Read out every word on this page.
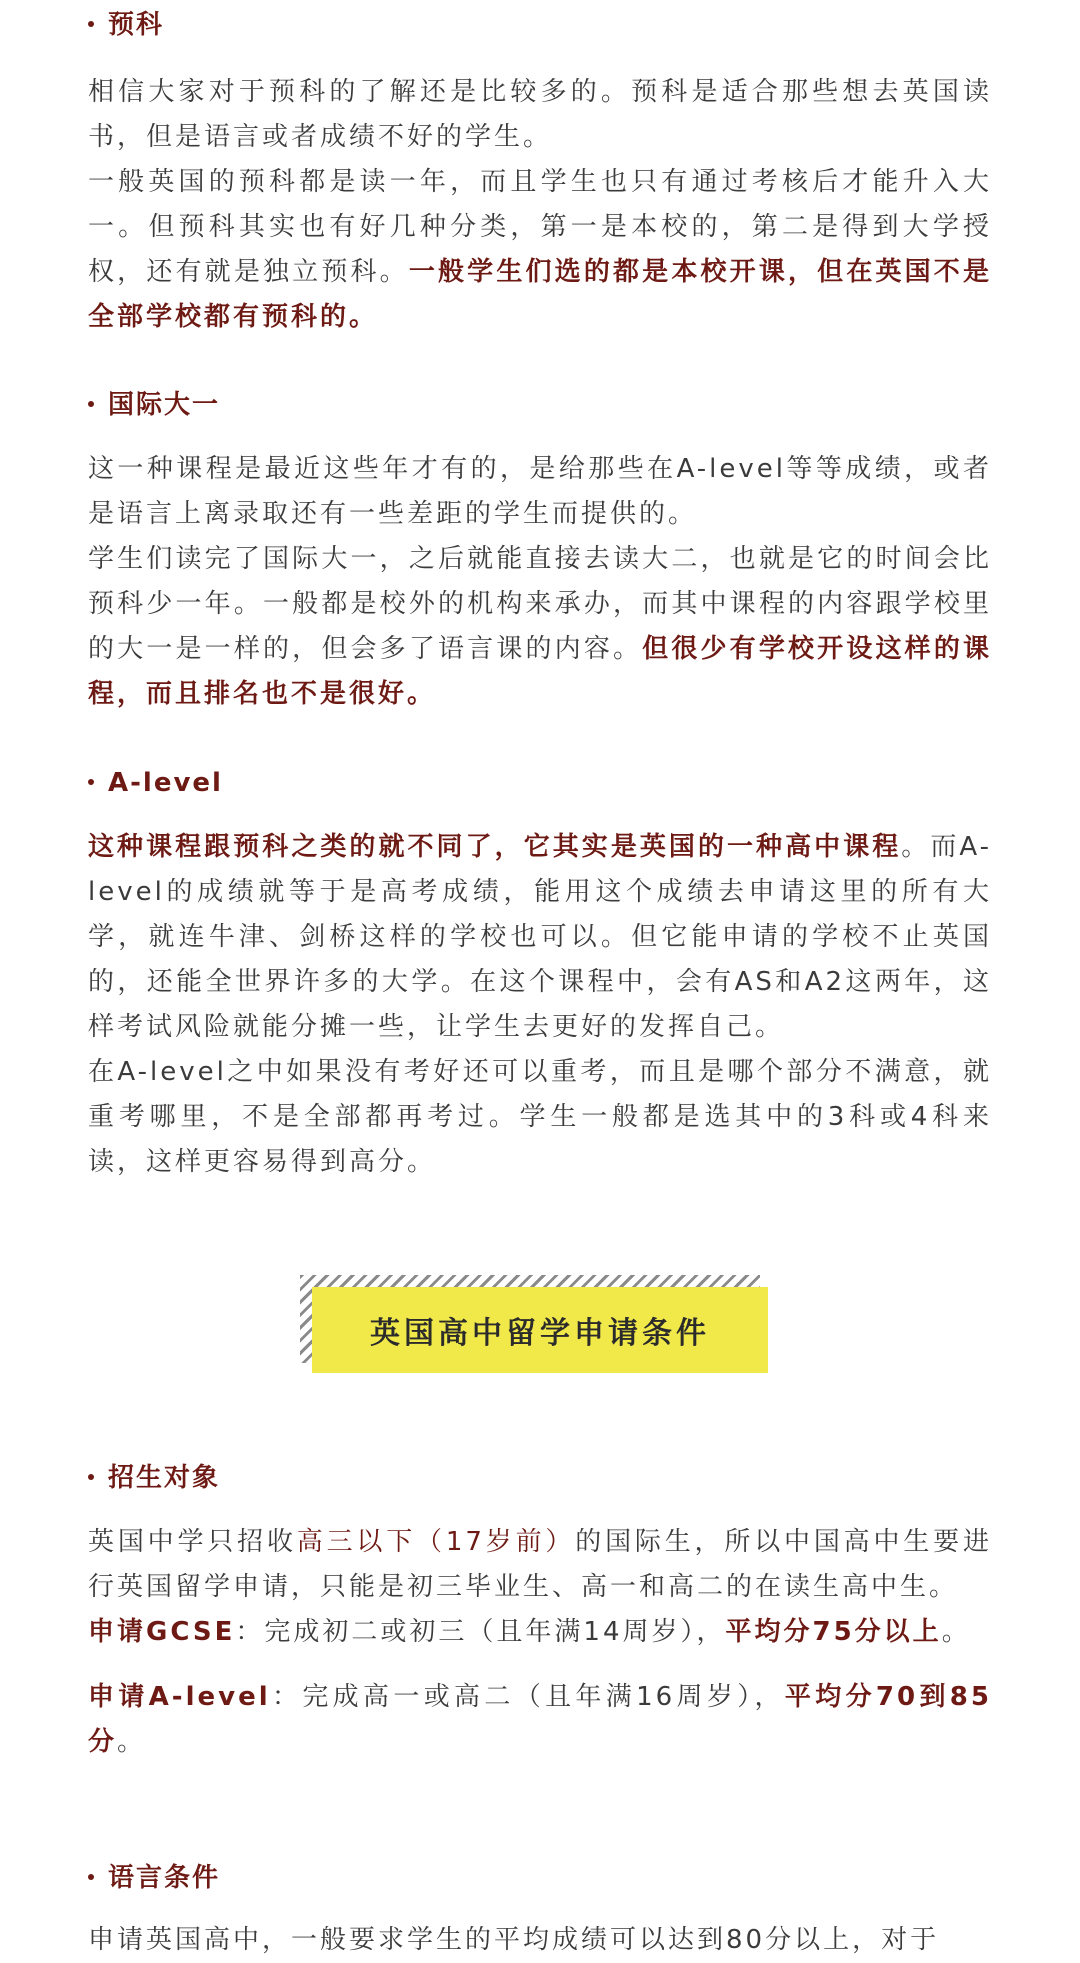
预科

相信大家对于预科的了解还是比较多的。预科是适合那些想去英国读书，但是语言或者成绩不好的学生。

一般英国的预科都是读一年，而且学生也只有通过考核后才能升入大一。但预科其实也有好几种分类，第一是本校的，第二是得到大学授权，还有就是独立预科。一般学生们选的都是本校开课，但在英国不是全部学校都有预科的。

国际大一

这一种课程是最近这些年才有的，是给那些在A-level等等成绩，或者是语言上离录取还有一些差距的学生而提供的。

学生们读完了国际大一，之后就能直接去读大二，也就是它的时间会比预科少一年。一般都是校外的机构来承办，而其中课程的内容跟学校里的大一是一样的，但会多了语言课的内容。但很少有学校开设这样的课程，而且排名也不是很好。

A-level

这种课程跟预科之类的就不同了，它其实是英国的一种高中课程。而A-level的成绩就等于是高考成绩，能用这个成绩去申请这里的所有大学，就连牛津、剑桥这样的学校也可以。但它能申请的学校不止英国的，还能全世界许多的大学。在这个课程中，会有AS和A2这两年，这样考试风险就能分摊一些，让学生去更好的发挥自己。

在A-level之中如果没有考好还可以重考，而且是哪个部分不满意，就重考哪里，不是全部都再考过。学生一般都是选其中的3科或4科来读，这样更容易得到高分。

英国高中留学申请条件
招生对象

英国中学只招收高三以下（17岁前）的国际生，所以中国高中生要进行英国留学申请，只能是初三毕业生、高一和高二的在读生高中生。

申请GCSE：完成初二或初三（且年满14周岁），平均分75分以上。

申请A-level：完成高一或高二（且年满16周岁），平均分70到85分。

语言条件

申请英国高中，一般要求学生的平均成绩可以达到80分以上，对于
